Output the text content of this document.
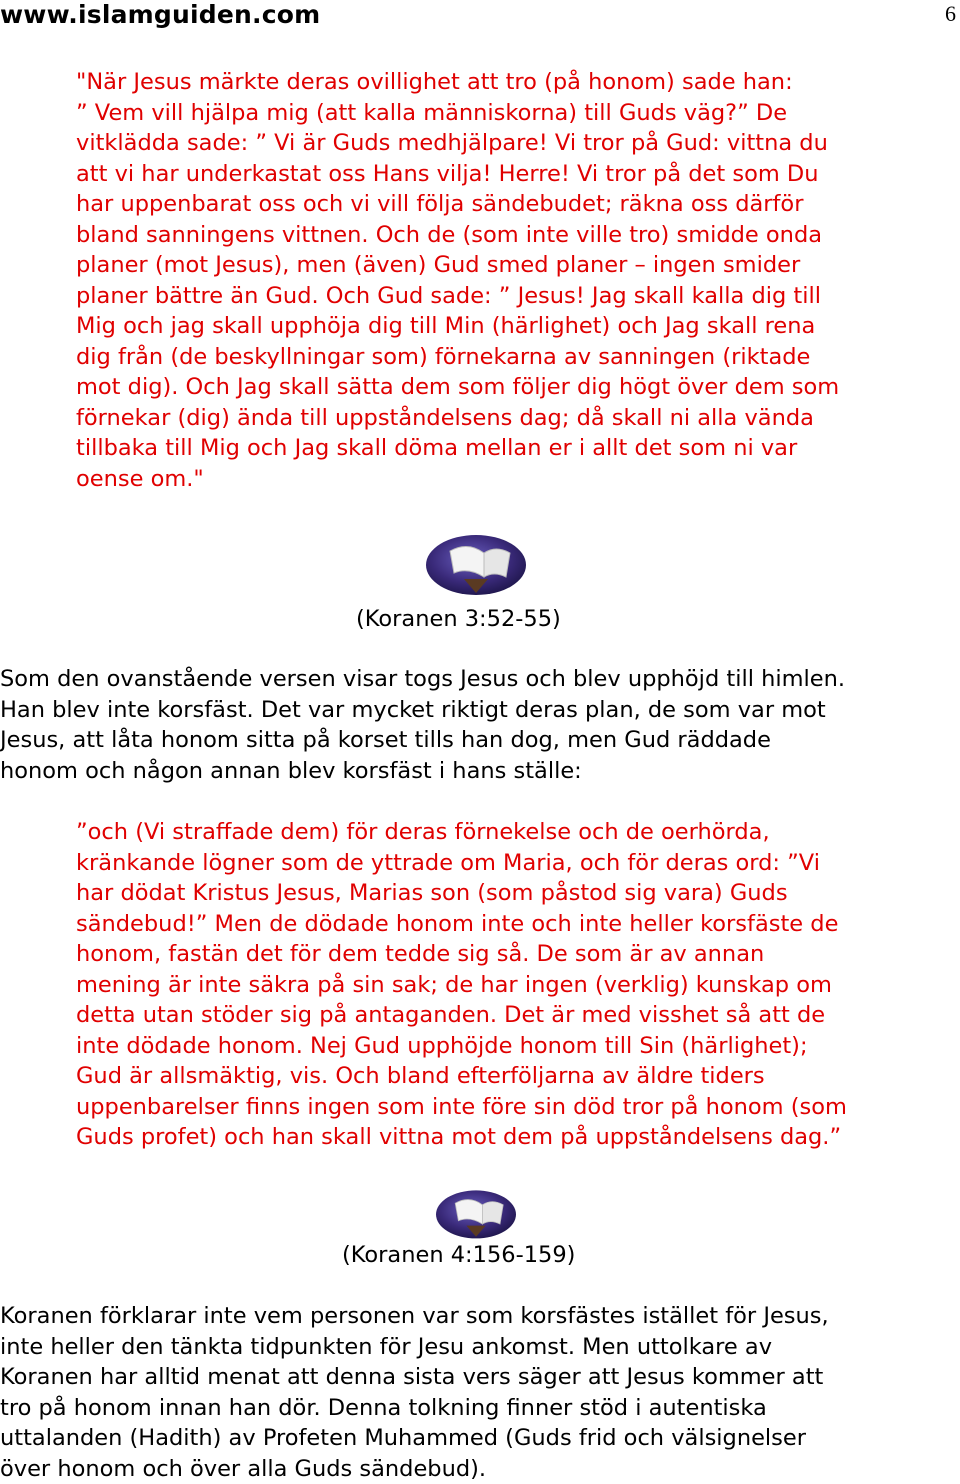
www.islamguiden.com	6

"När Jesus märkte deras ovillighet att tro (på honom) sade han:
” Vem vill hjälpa mig (att kalla människorna) till Guds väg?” De
vitklädda sade: ” Vi är Guds medhjälpare! Vi tror på Gud: vittna du
att vi har underkastat oss Hans vilja! Herre! Vi tror på det som Du
har uppenbarat oss och vi vill följa sändebudet; räkna oss därför
bland sanningens vittnen. Och de (som inte ville tro) smidde onda
planer (mot Jesus), men (även) Gud smed planer – ingen smider
planer bättre än Gud. Och Gud sade: ” Jesus! Jag skall kalla dig till
Mig och jag skall upphöja dig till Min (härlighet) och Jag skall rena
dig från (de beskyllningar som) förnekarna av sanningen (riktade
mot dig). Och Jag skall sätta dem som följer dig högt över dem som
förnekar (dig) ända till uppståndelsens dag; då skall ni alla vända
tillbaka till Mig och Jag skall döma mellan er i allt det som ni var
oense om."

(Koranen 3:52-55)

Som den ovanstående versen visar togs Jesus och blev upphöjd till himlen.
Han blev inte korsfäst. Det var mycket riktigt deras plan, de som var mot
Jesus, att låta honom sitta på korset tills han dog, men Gud räddade
honom och någon annan blev korsfäst i hans ställe:

”och (Vi straffade dem) för deras förnekelse och de oerhörda,
kränkande lögner som de yttrade om Maria, och för deras ord: ”Vi
har dödat Kristus Jesus, Marias son (som påstod sig vara) Guds
sändebud!” Men de dödade honom inte och inte heller korsfäste de
honom, fastän det för dem tedde sig så. De som är av annan
mening är inte säkra på sin sak; de har ingen (verklig) kunskap om
detta utan stöder sig på antaganden. Det är med visshet så att de
inte dödade honom. Nej Gud upphöjde honom till Sin (härlighet);
Gud är allsmäktig, vis. Och bland efterföljarna av äldre tiders
uppenbarelser finns ingen som inte före sin död tror på honom (som
Guds profet) och han skall vittna mot dem på uppståndelsens dag.”

(Koranen 4:156-159)

Koranen förklarar inte vem personen var som korsfästes istället för Jesus,
inte heller den tänkta tidpunkten för Jesu ankomst. Men uttolkare av
Koranen har alltid menat att denna sista vers säger att Jesus kommer att
tro på honom innan han dör. Denna tolkning finner stöd i autentiska
uttalanden (Hadith) av Profeten Muhammed (Guds frid och välsignelser
över honom och över alla Guds sändebud).
